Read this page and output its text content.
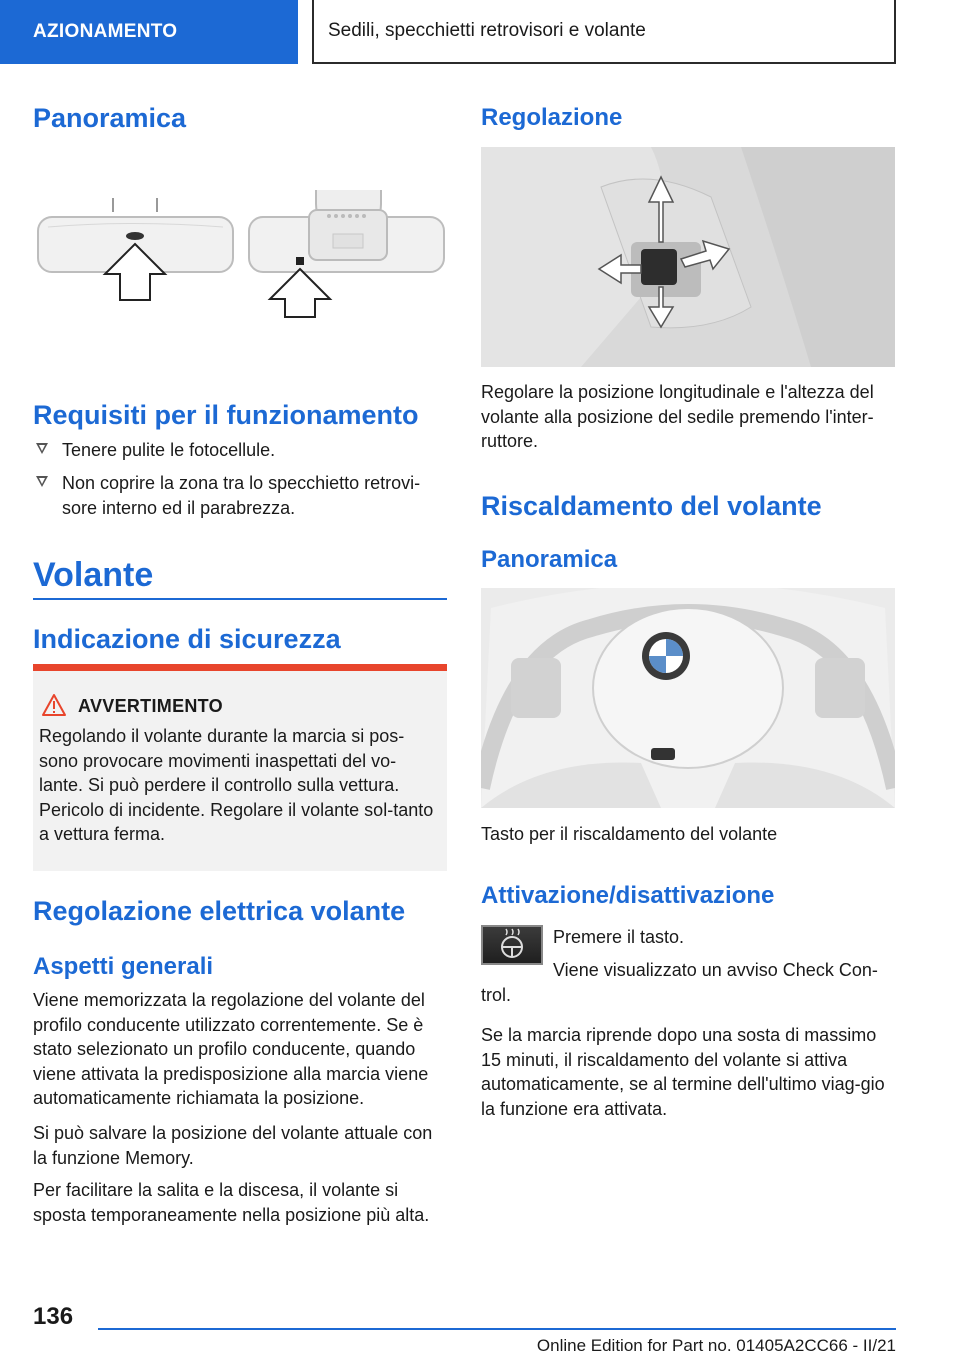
AZIONAMENTO	Sedili, specchietti retrovisori e volante
Panoramica
Requisiti per il funzionamento
Tenere pulite le fotocellule.
Non coprire la zona tra lo specchietto retrovi-sore interno ed il parabrezza.
Volante
Indicazione di sicurezza
AVVERTIMENTO
Regolando il volante durante la marcia si pos-sono provocare movimenti inaspettati del vo-lante. Si può perdere il controllo sulla vettura. Pericolo di incidente. Regolare il volante sol-tanto a vettura ferma.
Regolazione elettrica volante
Aspetti generali
Viene memorizzata la regolazione del volante del profilo conducente utilizzato correntemente. Se è stato selezionato un profilo conducente, quando viene attivata la predisposizione alla marcia viene automaticamente richiamata la posizione.
Si può salvare la posizione del volante attuale con la funzione Memory.
Per facilitare la salita e la discesa, il volante si sposta temporaneamente nella posizione più alta.
Regolazione
Regolare la posizione longitudinale e l'altezza del volante alla posizione del sedile premendo l'inter-ruttore.
Riscaldamento del volante
Panoramica
Tasto per il riscaldamento del volante
Attivazione/disattivazione
Premere il tasto.
Viene visualizzato un avviso Check Con-trol.
Se la marcia riprende dopo una sosta di massimo 15 minuti, il riscaldamento del volante si attiva automaticamente, se al termine dell'ultimo viag-gio la funzione era attivata.
136
Online Edition for Part no. 01405A2CC66 - II/21
